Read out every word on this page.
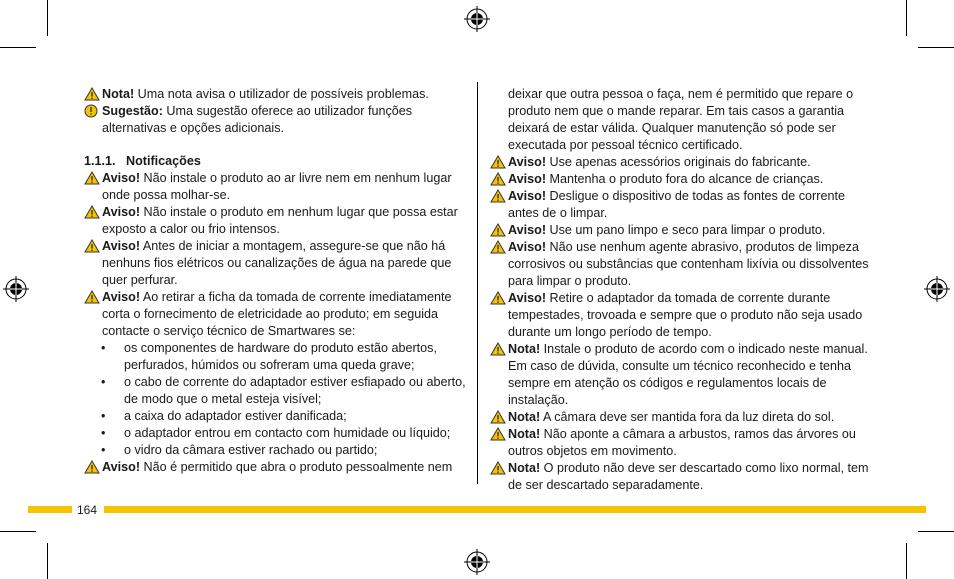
Nota! Uma nota avisa o utilizador de possíveis problemas.

Sugestão: Uma sugestão oferece ao utilizador funções alternativas e opções adicionais.

1.1.1. Notificações

Aviso! Não instale o produto ao ar livre nem em nenhum lugar onde possa molhar-se.

Aviso! Não instale o produto em nenhum lugar que possa estar exposto a calor ou frio intensos.

Aviso! Antes de iniciar a montagem, assegure-se que não há nenhuns fios elétricos ou canalizações de água na parede que quer perfurar.

Aviso! Ao retirar a ficha da tomada de corrente imediatamente corta o fornecimento de eletricidade ao produto; em seguida contacte o serviço técnico de Smartwares se:

• os componentes de hardware do produto estão abertos, perfurados, húmidos ou sofreram uma queda grave;

• o cabo de corrente do adaptador estiver esfiapado ou aberto, de modo que o metal esteja visível;

• a caixa do adaptador estiver danificada;

• o adaptador entrou em contacto com humidade ou líquido;

• o vidro da câmara estiver rachado ou partido;

Aviso! Não é permitido que abra o produto pessoalmente nem

deixar que outra pessoa o faça, nem é permitido que repare o produto nem que o mande reparar. Em tais casos a garantia deixará de estar válida. Qualquer manutenção só pode ser executada por pessoal técnico certificado.

Aviso! Use apenas acessórios originais do fabricante.

Aviso! Mantenha o produto fora do alcance de crianças.

Aviso! Desligue o dispositivo de todas as fontes de corrente antes de o limpar.

Aviso! Use um pano limpo e seco para limpar o produto.

Aviso! Não use nenhum agente abrasivo, produtos de limpeza corrosivos ou substâncias que contenham lixívia ou dissolventes para limpar o produto.

Aviso! Retire o adaptador da tomada de corrente durante tempestades, trovoada e sempre que o produto não seja usado durante um longo período de tempo.

Nota! Instale o produto de acordo com o indicado neste manual. Em caso de dúvida, consulte um técnico reconhecido e tenha sempre em atenção os códigos e regulamentos locais de instalação.

Nota! A câmara deve ser mantida fora da luz direta do sol.

Nota! Não aponte a câmara a arbustos, ramos das árvores ou outros objetos em movimento.

Nota! O produto não deve ser descartado como lixo normal, tem de ser descartado separadamente.

164
